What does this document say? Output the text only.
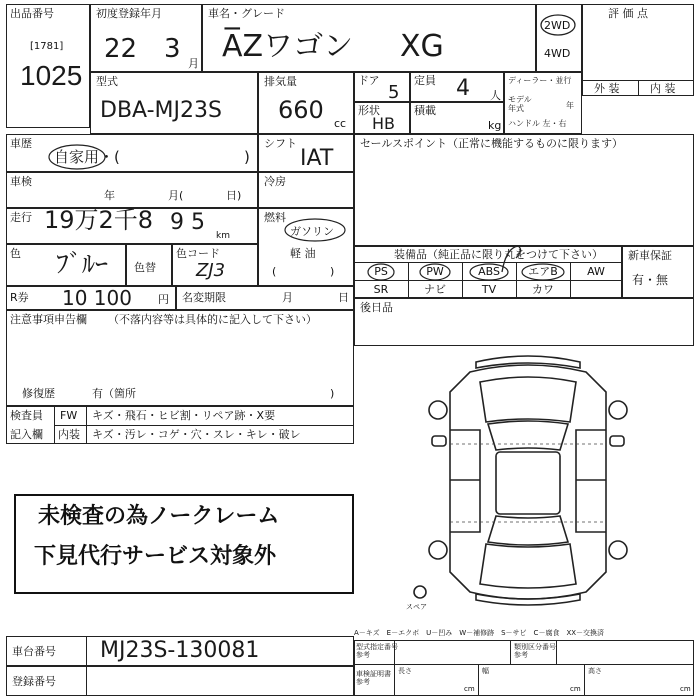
出品番号
[1781]
1025
初度登録年月
22 3 月
車名・グレード
A̅Zワゴン XG
2WD
4WD
評 価 点
外 装	内 装
型式
DBA-MJ23S
排気量
660 cc
ドア
5
定員 4 人
形状
HB
積載
kg
ディーラー・並行
モデル
年式	年
ハンドル 左・右
車歴
自家用・(	)
シフト
IAT
セールスポイント（正常に機能するものに限ります）
車検
年	月(	日)
冷房
走行 19万2千8 9 5
km
燃料
ガソリン
軽 油
(	)
色 ﾌﾞﾙｰ 色替
色コード
ZJ3
装備品（純正品に限り丸をつけて下さい）
PS	PW	ABS	エアB	AW
SR	ナビ	TV	カワ
新車保証
有・無
R券 10 100 円 名変期限	月	日
後日品
注意事項申告欄 （不落内容等は具体的に記入して下さい）
修復歴	有（箇所	)
検査員
記入欄
FW キズ・飛石・ヒビ割・リペア跡・X要
内装 キズ・汚レ・コゲ・穴・スレ・キレ・破レ
未検査の為ノークレーム
下見代行サービス対象外
スペア
A－キズ　E－エクボ　U－凹み　W－補修跡　S－サビ　C－腐食　XX－交換済
車台番号 MJ23S-130081
登録番号
型式指定番号
参考
類別区分番号
参考
車検証明書
参考
長さ
cm
幅
cm
高さ
cm
